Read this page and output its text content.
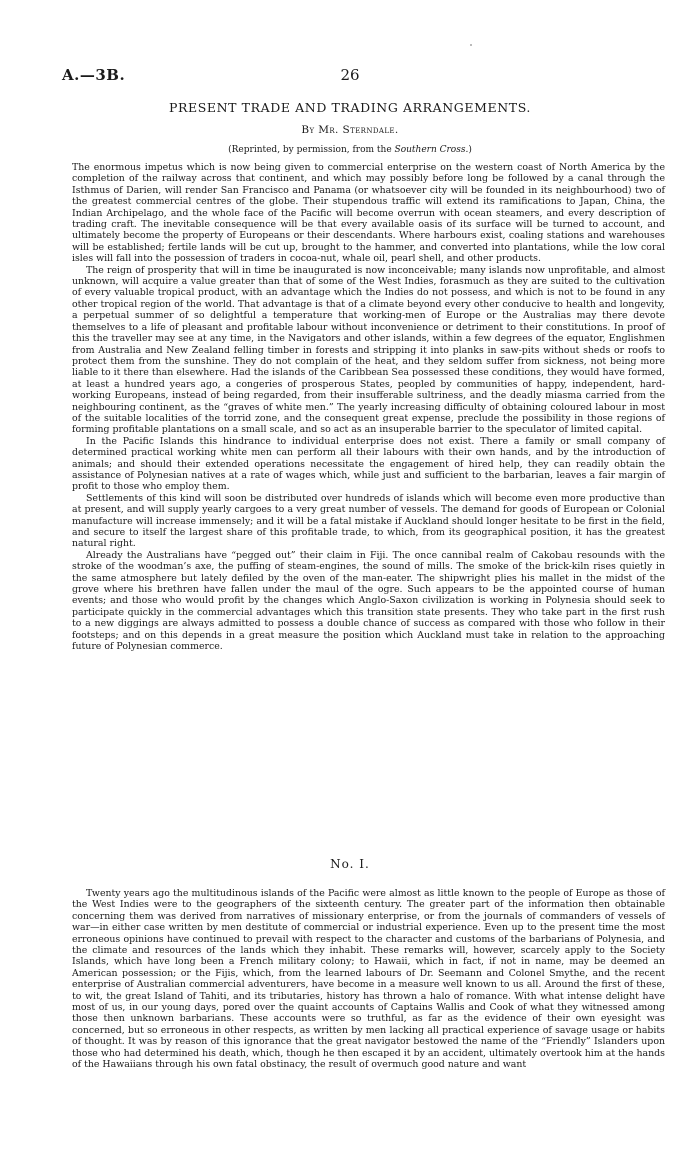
A.—3B.	26
PRESENT TRADE AND TRADING ARRANGEMENTS.
By Mr. Sterndale.
(Reprinted, by permission, from the Southern Cross.)

The enormous impetus which is now being given to commercial enterprise on the western coast of North America by the completion of the railway across that continent, and which may possibly before long be followed by a canal through the Isthmus of Darien, will render San Francisco and Panama (or whatsoever city will be founded in its neighbourhood) two of the greatest commercial centres of the globe. Their stupendous traffic will extend its ramifications to Japan, China, the Indian Archipelago, and the whole face of the Pacific will become overrun with ocean steamers, and every description of trading craft. The inevitable consequence will be that every available oasis of its surface will be turned to account, and ultimately become the property of Europeans or their descendants. Where harbours exist, coaling stations and warehouses will be established; fertile lands will be cut up, brought to the hammer, and converted into plantations, while the low coral isles will fall into the possession of traders in cocoa-nut, whale oil, pearl shell, and other products.

The reign of prosperity that will in time be inaugurated is now inconceivable; many islands now unprofitable, and almost unknown, will acquire a value greater than that of some of the West Indies, forasmuch as they are suited to the cultivation of every valuable tropical product, with an advantage which the Indies do not possess, and which is not to be found in any other tropical region of the world. That advantage is that of a climate beyond every other conducive to health and longevity, a perpetual summer of so delightful a temperature that working-men of Europe or the Australias may there devote themselves to a life of pleasant and profitable labour without inconvenience or detriment to their constitutions. In proof of this the traveller may see at any time, in the Navigators and other islands, within a few degrees of the equator, Englishmen from Australia and New Zealand felling timber in forests and stripping it into planks in saw-pits without sheds or roofs to protect them from the sunshine. They do not complain of the heat, and they seldom suffer from sickness, not being more liable to it there than elsewhere. Had the islands of the Caribbean Sea possessed these conditions, they would have formed, at least a hundred years ago, a congeries of prosperous States, peopled by communities of happy, independent, hard-working Europeans, instead of being regarded, from their insufferable sultriness, and the deadly miasma carried from the neighbouring continent, as the “graves of white men.” The yearly increasing difficulty of obtaining coloured labour in most of the suitable localities of the torrid zone, and the consequent great expense, preclude the possibility in those regions of forming profitable plantations on a small scale, and so act as an insuperable barrier to the speculator of limited capital.

In the Pacific Islands this hindrance to individual enterprise does not exist. There a family or small company of determined practical working white men can perform all their labours with their own hands, and by the introduction of animals; and should their extended operations necessitate the engagement of hired help, they can readily obtain the assistance of Polynesian natives at a rate of wages which, while just and sufficient to the barbarian, leaves a fair margin of profit to those who employ them.

Settlements of this kind will soon be distributed over hundreds of islands which will become even more productive than at present, and will supply yearly cargoes to a very great number of vessels. The demand for goods of European or Colonial manufacture will increase immensely; and it will be a fatal mistake if Auckland should longer hesitate to be first in the field, and secure to itself the largest share of this profitable trade, to which, from its geographical position, it has the greatest natural right.

Already the Australians have “pegged out” their claim in Fiji. The once cannibal realm of Cakobau resounds with the stroke of the woodman’s axe, the puffing of steam-engines, the sound of mills. The smoke of the brick-kiln rises quietly in the same atmosphere but lately defiled by the oven of the man-eater. The shipwright plies his mallet in the midst of the grove where his brethren have fallen under the maul of the ogre. Such appears to be the appointed course of human events; and those who would profit by the changes which Anglo-Saxon civilization is working in Polynesia should seek to participate quickly in the commercial advantages which this transition state presents. They who take part in the first rush to a new diggings are always admitted to possess a double chance of success as compared with those who follow in their footsteps; and on this depends in a great measure the position which Auckland must take in relation to the approaching future of Polynesian commerce.

No. I.

Twenty years ago the multitudinous islands of the Pacific were almost as little known to the people of Europe as those of the West Indies were to the geographers of the sixteenth century. The greater part of the information then obtainable concerning them was derived from narratives of missionary enterprise, or from the journals of commanders of vessels of war—in either case written by men destitute of commercial or industrial experience. Even up to the present time the most erroneous opinions have continued to prevail with respect to the character and customs of the barbarians of Polynesia, and the climate and resources of the lands which they inhabit. These remarks will, however, scarcely apply to the Society Islands, which have long been a French military colony; to Hawaii, which in fact, if not in name, may be deemed an American possession; or the Fijis, which, from the learned labours of Dr. Seemann and Colonel Smythe, and the recent enterprise of Australian commercial adventurers, have become in a measure well known to us all. Around the first of these, to wit, the great Island of Tahiti, and its tributaries, history has thrown a halo of romance. With what intense delight have most of us, in our young days, pored over the quaint accounts of Captains Wallis and Cook of what they witnessed among those then unknown barbarians. These accounts were so truthful, as far as the evidence of their own eyesight was concerned, but so erroneous in other respects, as written by men lacking all practical experience of savage usage or habits of thought. It was by reason of this ignorance that the great navigator bestowed the name of the “Friendly” Islanders upon those who had determined his death, which, though he then escaped it by an accident, ultimately overtook him at the hands of the Hawaiians through his own fatal obstinacy, the result of overmuch good nature and want
